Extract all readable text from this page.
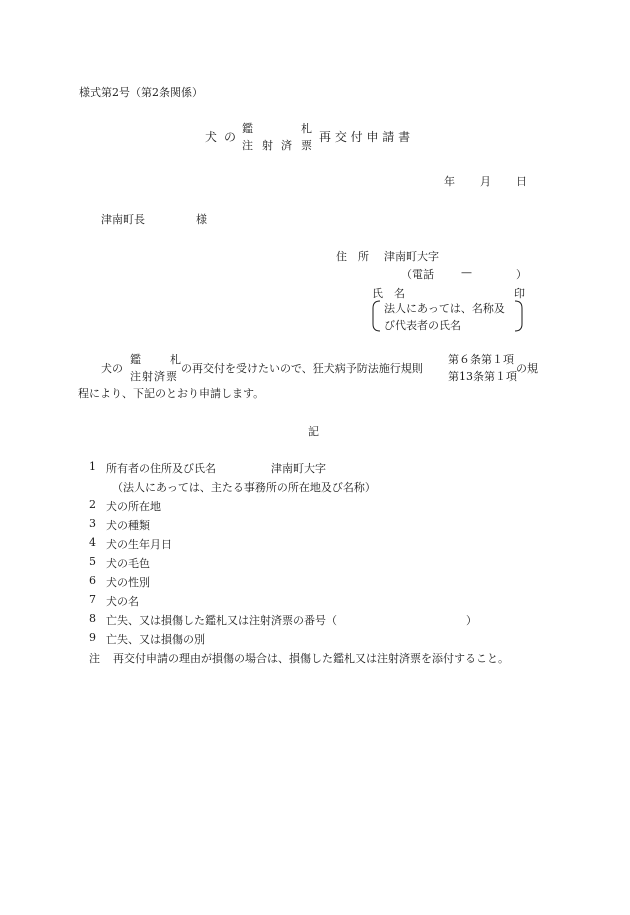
様式第2号（第2条関係）
犬 の
鑑	札
注 射 済 票
再 交 付 申 請 書
年 月 日
津南町長	様
住　所 津南町大字
（電話 —	）
氏　名	印
法人にあっては、名称及
び代表者の氏名
犬の
鑑	札
注射済票
の再交付を受けたいので、狂犬病予防法施行規則
第６条第１項
第13条第１項
の規
程により、下記のとおり申請します。
記
1 所有者の住所及び氏名	津南町大字
（法人にあっては、主たる事務所の所在地及び名称）
2 犬の所在地
3 犬の種類
4 犬の生年月日
5 犬の毛色
6 犬の性別
7 犬の名
8 亡失、又は損傷した鑑札又は注射済票の番号（	）
9 亡失、又は損傷の別
注 再交付申請の理由が損傷の場合は、損傷した鑑札又は注射済票を添付すること。
